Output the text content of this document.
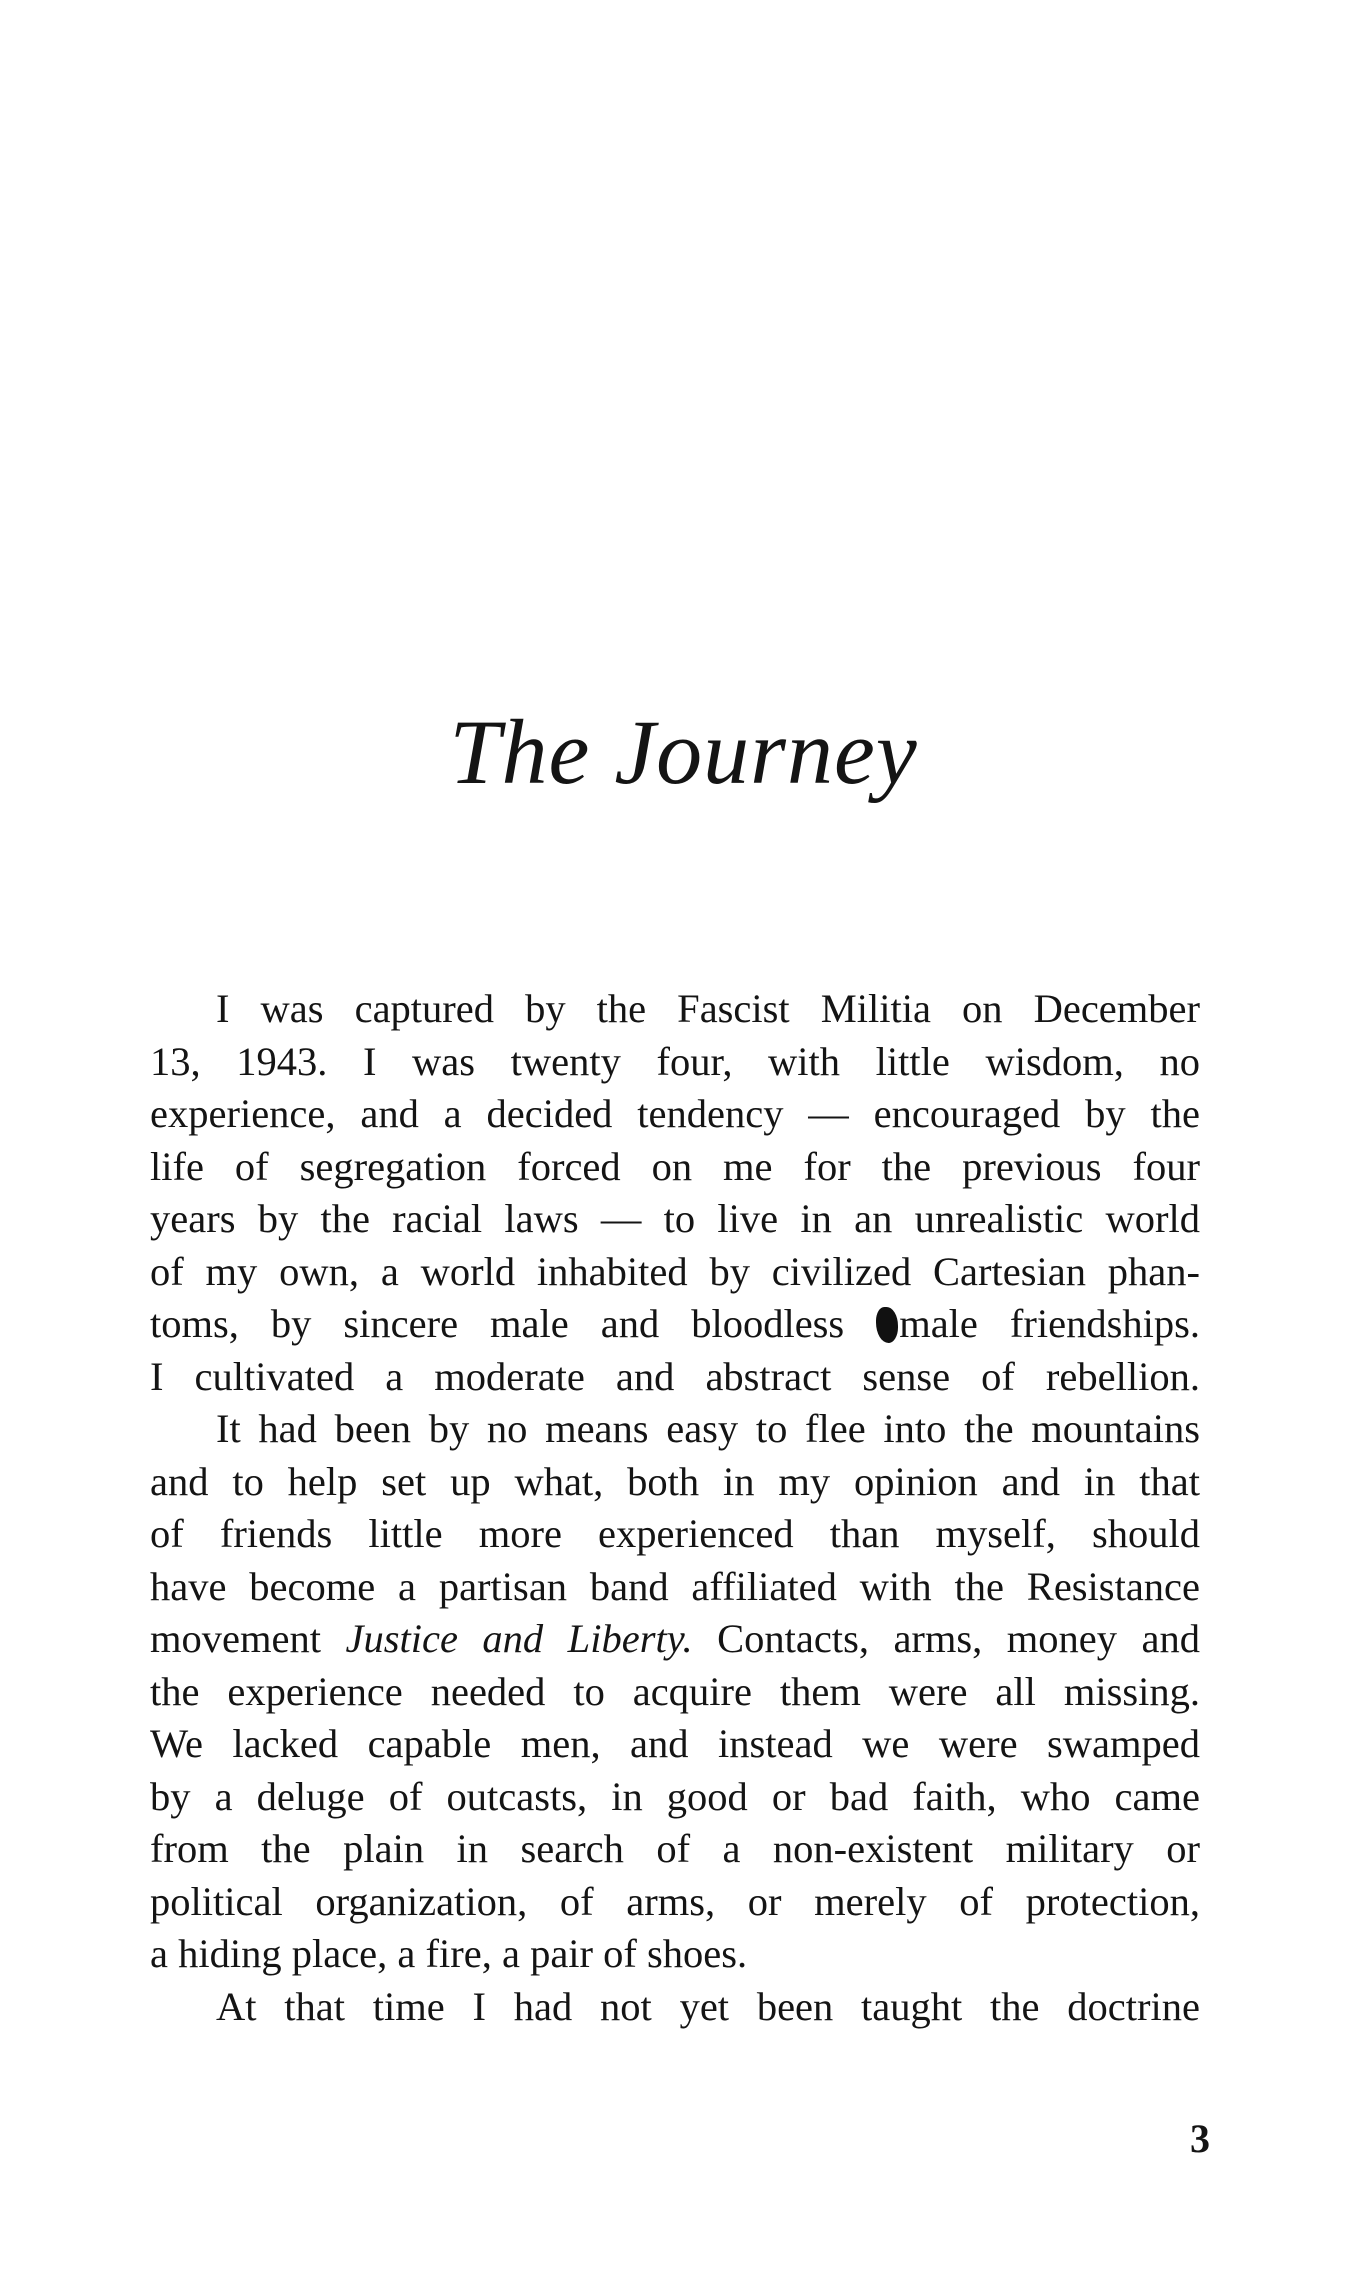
The Journey
I was captured by the Fascist Militia on December
13, 1943. I was twenty four, with little wisdom, no
experience, and a decided tendency — encouraged by the
life of segregation forced on me for the previous four
years by the racial laws — to live in an unrealistic world
of my own, a world inhabited by civilized Cartesian phan-
toms, by sincere male and bloodless male friendships.
I cultivated a moderate and abstract sense of rebellion.
It had been by no means easy to flee into the mountains
and to help set up what, both in my opinion and in that
of friends little more experienced than myself, should
have become a partisan band affiliated with the Resistance
movement Justice and Liberty. Contacts, arms, money and
the experience needed to acquire them were all missing.
We lacked capable men, and instead we were swamped
by a deluge of outcasts, in good or bad faith, who came
from the plain in search of a non-existent military or
political organization, of arms, or merely of protection,
a hiding place, a fire, a pair of shoes.
At that time I had not yet been taught the doctrine
3
